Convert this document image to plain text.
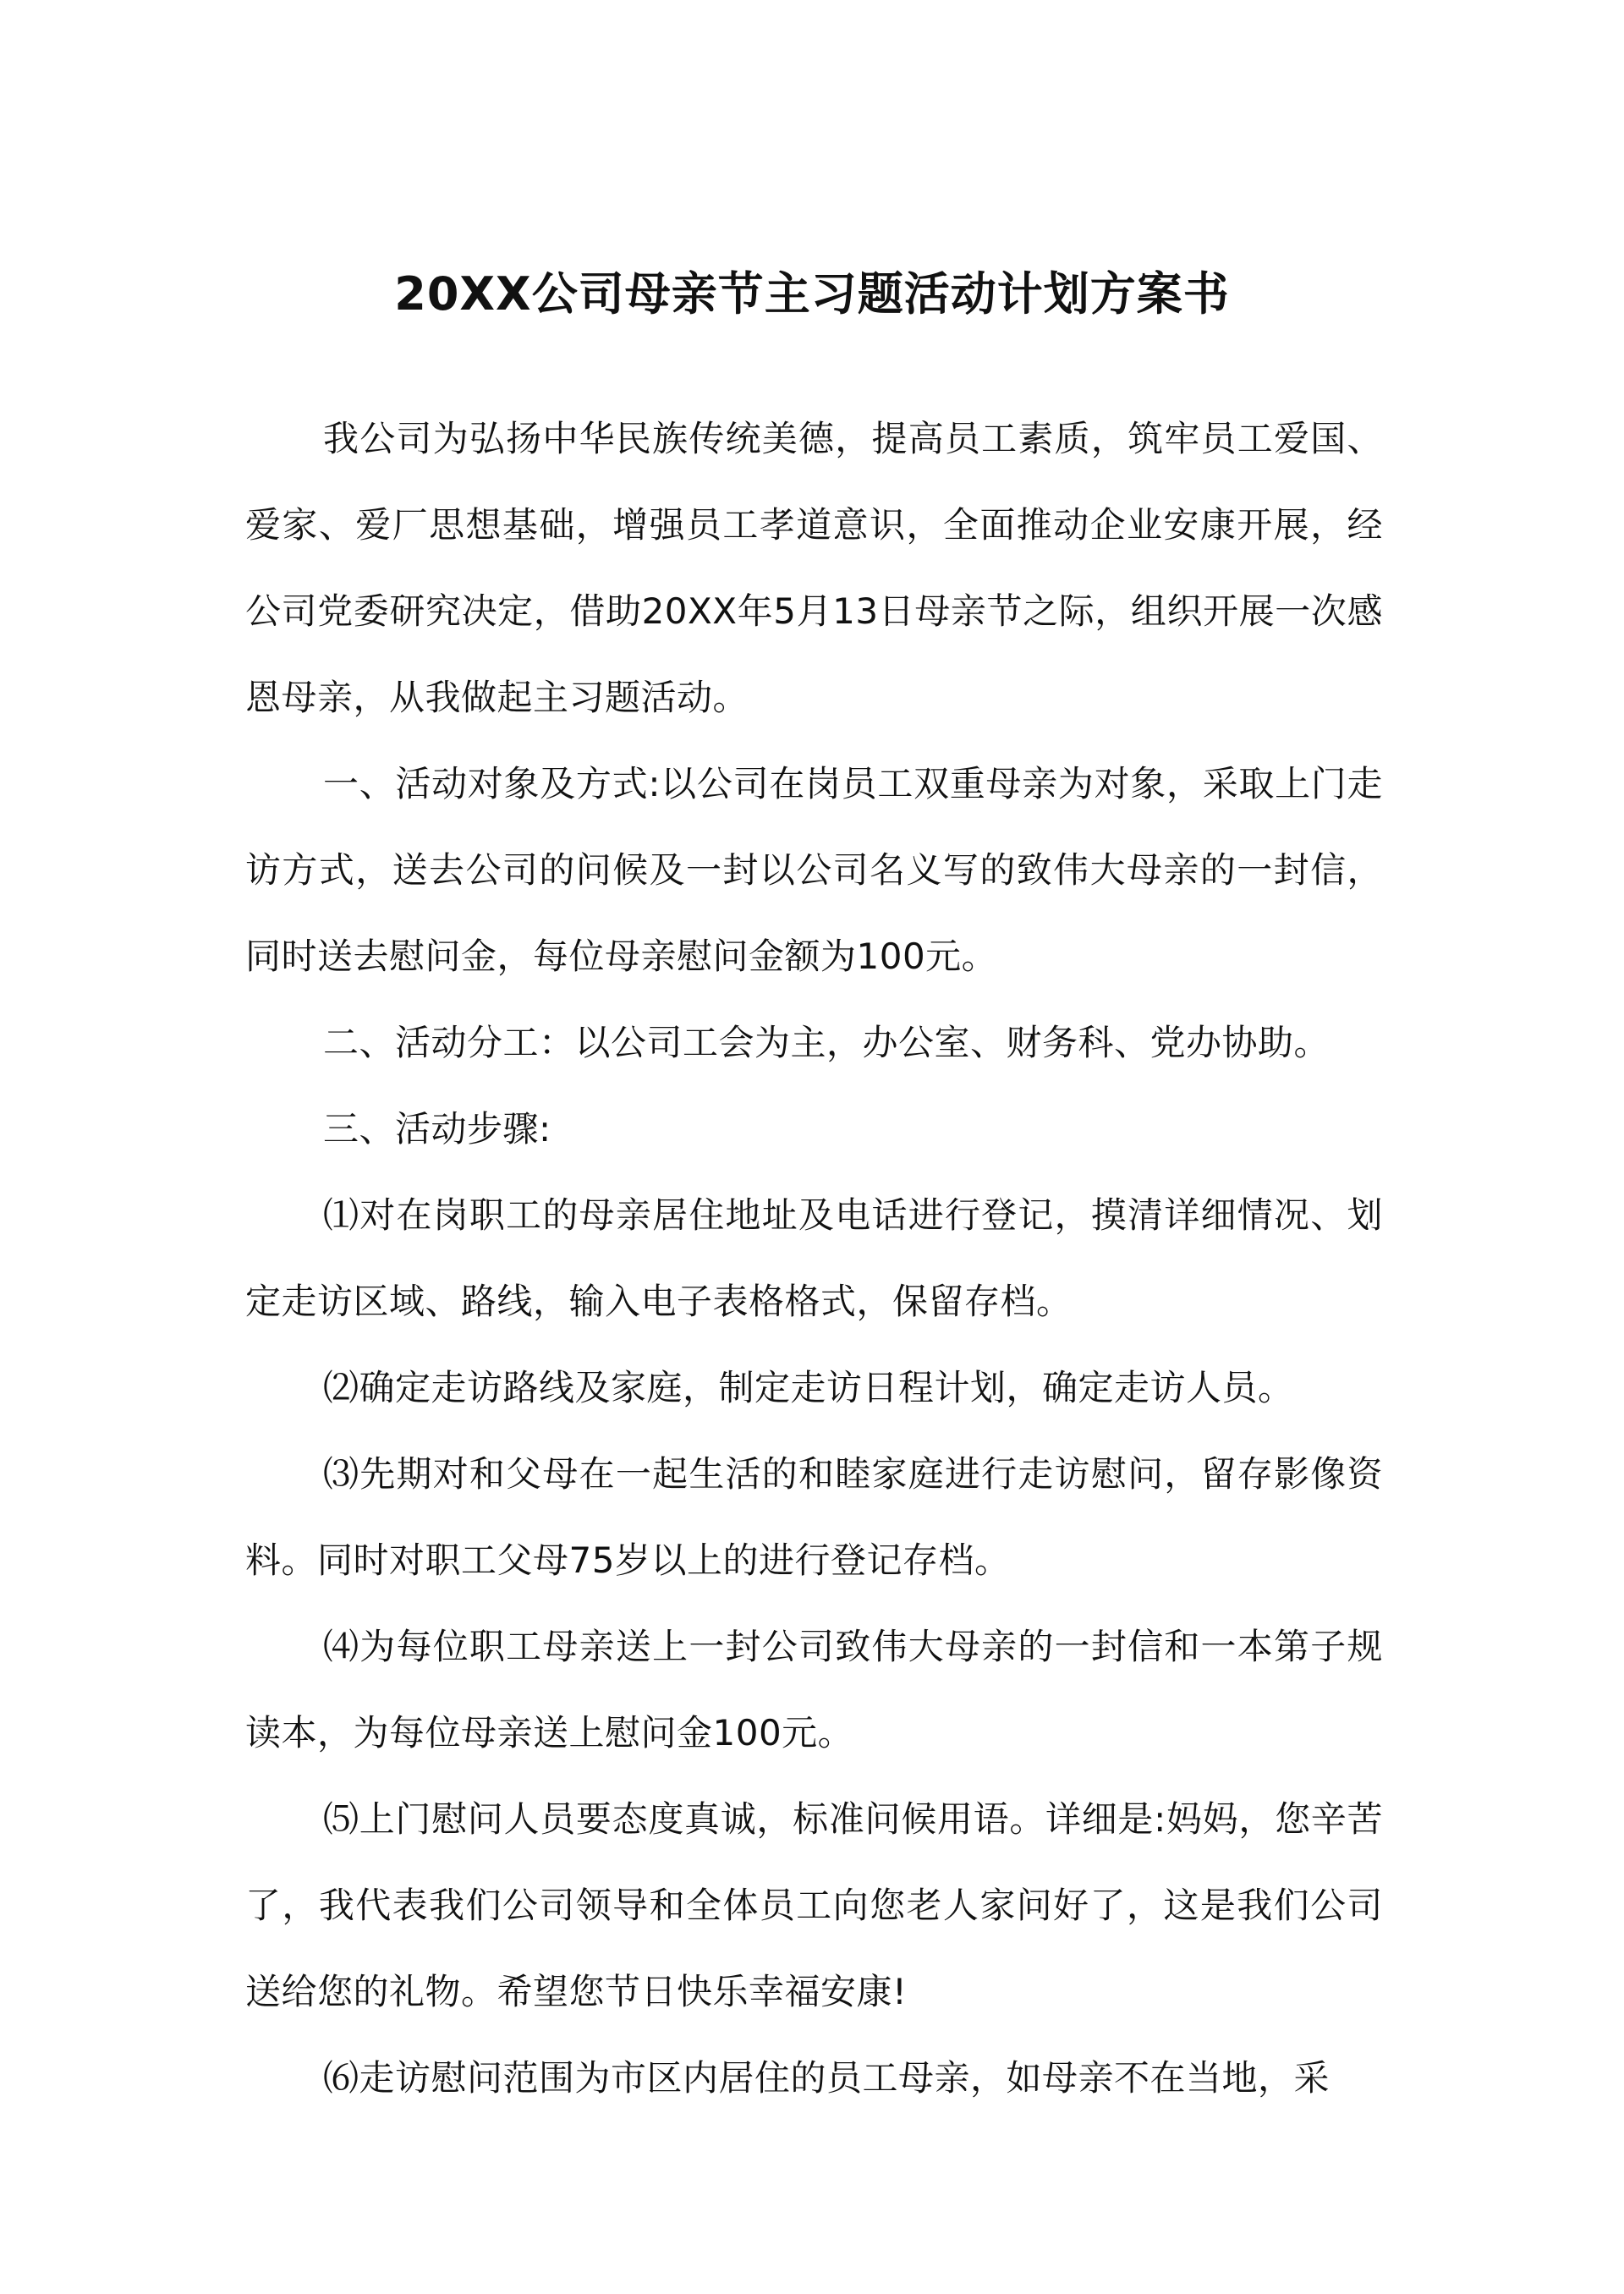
20XX公司母亲节主习题活动计划方案书

我公司为弘扬中华民族传统美德，提高员工素质，筑牢员工爱国、爱家、爱厂思想基础，增强员工孝道意识，全面推动企业安康开展，经公司党委研究决定，借助20XX年5月13日母亲节之际，组织开展一次感恩母亲，从我做起主习题活动。

一、活动对象及方式:以公司在岗员工双重母亲为对象，采取上门走访方式，送去公司的问候及一封以公司名义写的致伟大母亲的一封信，同时送去慰问金，每位母亲慰问金额为100元。

二、活动分工：以公司工会为主，办公室、财务科、党办协助。

三、活动步骤:

⑴对在岗职工的母亲居住地址及电话进行登记，摸清详细情况、划定走访区域、路线，输入电子表格格式，保留存档。

⑵确定走访路线及家庭，制定走访日程计划，确定走访人员。

⑶先期对和父母在一起生活的和睦家庭进行走访慰问，留存影像资料。同时对职工父母75岁以上的进行登记存档。

⑷为每位职工母亲送上一封公司致伟大母亲的一封信和一本第子规读本，为每位母亲送上慰问金100元。

⑸上门慰问人员要态度真诚，标准问候用语。详细是:妈妈，您辛苦了，我代表我们公司领导和全体员工向您老人家问好了，这是我们公司送给您的礼物。希望您节日快乐幸福安康!

⑹走访慰问范围为市区内居住的员工母亲，如母亲不在当地，采
